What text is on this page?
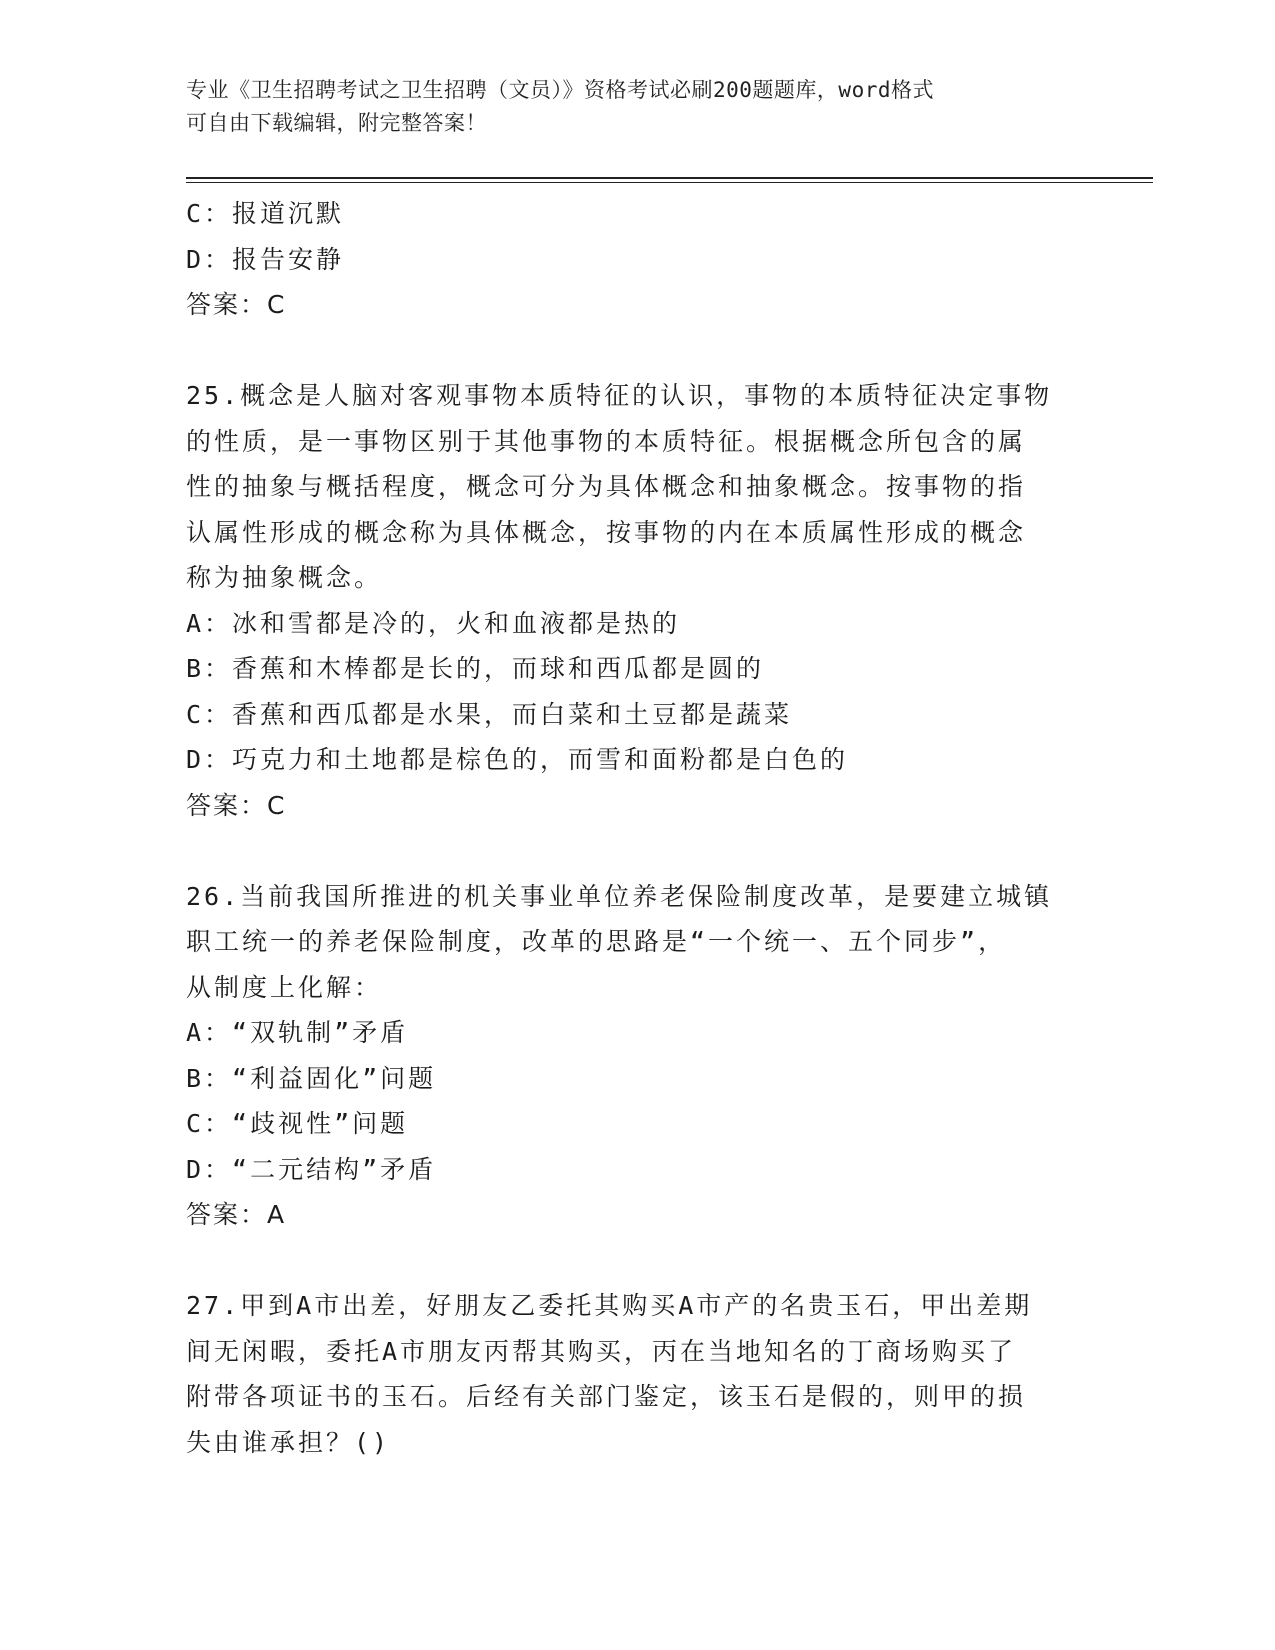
专业《卫生招聘考试之卫生招聘（文员）》资格考试必刷200题题库，word格式
可自由下载编辑，附完整答案！
C：报道沉默
D：报告安静
答案：C
25.概念是人脑对客观事物本质特征的认识，事物的本质特征决定事物
的性质，是一事物区别于其他事物的本质特征。根据概念所包含的属
性的抽象与概括程度，概念可分为具体概念和抽象概念。按事物的指
认属性形成的概念称为具体概念，按事物的内在本质属性形成的概念
称为抽象概念。
A：冰和雪都是冷的，火和血液都是热的
B：香蕉和木棒都是长的，而球和西瓜都是圆的
C：香蕉和西瓜都是水果，而白菜和土豆都是蔬菜
D：巧克力和土地都是棕色的，而雪和面粉都是白色的
答案：C
26.当前我国所推进的机关事业单位养老保险制度改革，是要建立城镇
职工统一的养老保险制度，改革的思路是“一个统一、五个同步”，
从制度上化解：
A：“双轨制”矛盾
B：“利益固化”问题
C：“歧视性”问题
D：“二元结构”矛盾
答案：A
27.甲到A市出差，好朋友乙委托其购买A市产的名贵玉石，甲出差期
间无闲暇，委托A市朋友丙帮其购买，丙在当地知名的丁商场购买了
附带各项证书的玉石。后经有关部门鉴定，该玉石是假的，则甲的损
失由谁承担？()
